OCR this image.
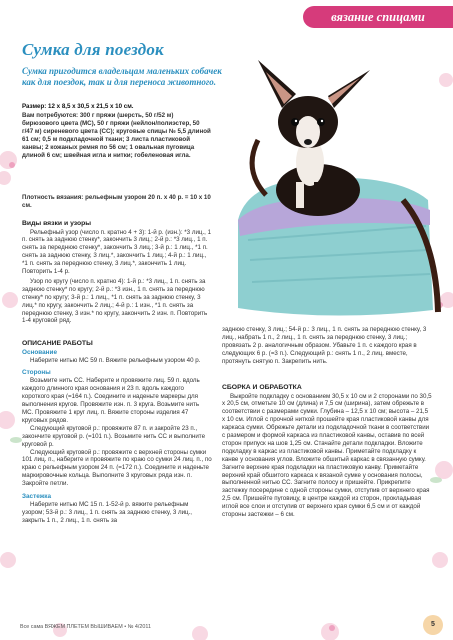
вязание спицами
Сумка для поездок
Сумка пригодится владельцам маленьких собачек как для поездок, так и для переноса животного.

Размер: 12 x 8,5 x 30,5 x 21,5 x 10 см.

Вам потребуются: 300 г пряжи (шерсть, 50 г/52 м) бирюзового цвета (МС), 50 г пряжи (нейлон/полиэстер, 50 г/47 м) сиреневого цвета (СС); круговые спицы № 5,5 длиной 61 см; 0,5 м подкладочной ткани; 3 листа пластиковой канвы; 2 кожаных ремня по 56 см; 1 овальная пуговица длиной 6 см; швейная игла и нитки; гобеленовая игла.

Плотность вязания: рельефным узором 20 п. х 40 р. = 10 х 10 см.

Виды вязки и узоры

Рельефный узор (число п. кратно 4 + 3): 1-й р. (изн.): *3 лиц., 1 п. снять за заднюю стенку*, закончить 3 лиц.; 2-й р.: *3 лиц., 1 п. снять за переднюю стенку*, закончить 3 лиц.; 3-й р.: 1 лиц., *1 п. снять за заднюю стенку, 3 лиц.*, закончить 1 лиц.; 4-й р.: 1 лиц., *1 п. снять за переднюю стенку, 3 лиц.*, закончить 1 лиц. Повторить 1-4 р.

Узор по кругу (число п. кратно 4): 1-й р.: *3 лиц., 1 п. снять за заднюю стенку* по кругу; 2-й р.: *3 изн., 1 п. снять за переднюю стенку* по кругу; 3-й р.: 1 лиц., *1 п. снять за заднюю стенку, 3 лиц.* по кругу, закончить 2 лиц.; 4-й р.: 1 изн., *1 п. снять за переднюю стенку, 3 изн.* по кругу, закончить 2 изн. п. Повторить 1-4 круговой ряд.

ОПИСАНИЕ РАБОТЫ

Основание

Наберите нитью МС 59 п. Вяжите рельефным узором 40 р.

Стороны

Возьмите нить СС. Наберите и провяжите лиц. 59 п. вдоль каждого длинного края основания и 23 п. вдоль каждого короткого края (=164 п.). Соедините и наденьте маркеры для выполнения кругов. Провяжите изн. п. 3 круга. Возьмите нить МС. Провяжите 1 круг лиц. п. Вяжите стороны изделия 47 круговых рядов.

Следующий круговой р.: провяжите 87 п. и закройте 23 п., закончите круговой р. (=101 п.). Возьмите нить СС и выполните круговой р.

Следующий круговой р.: провяжите с верхней стороны сумки 101 лиц. п., наберите и провяжите по краю со сумки 24 лиц. п., по краю с рельефным узором 24 п. (=172 п.). Соедините и наденьте маркировочные кольца. Выполните 3 круговых ряда изн. п. Закройте петли.

Застежка

Наберите нитью МС 15 п. 1-52-й р. вяжите рельефным узором; 53-й р.: 3 лиц., 1 п. снять за заднюю стенку, 3 лиц., закрыть 1 п., 2 лиц., 1 п. снять за

заднюю стенку, 3 лиц.; 54-й р.: 3 лиц., 1 п. снять за переднюю стенку, 3 лиц., набрать 1 п., 2 лиц., 1 п. снять за переднюю стенку, 3 лиц.; провязать 2 р. аналогичным образом. Убавьте 1 п. с каждого края в следующих 6 р. (=3 п.). Следующий р.: снять 1 п., 2 лиц. вместе, протянуть снятую п. Закрепить нить.

СБОРКА И ОБРАБОТКА

Выкройте подкладку с основанием 30,5 х 10 см и 2 сторонами по 30,5 х 20,5 см, отметьте 10 см (длина) и 7,5 см (ширина), затем обрежьте в соответствии с размерами сумки. Глубина – 12,5 х 10 см; высота – 21,5 х 10 см. Иглой с прочной ниткой прошейте края пластиковой канвы для каркаса сумки. Обрежьте детали из подкладочной ткани в соответствии с размером и формой каркаса из пластиковой канвы, оставив по всей сторон припуск на шов 1,25 см. Стачайте детали подкладки. Вложите подкладку в каркас из пластиковой канвы. Приметайте подкладку к канве у основания углов. Вложите обшитый каркас в связанную сумку. Загните верхние края подкладки на пластиковую канву. Приметайте верхний край обшитого каркаса к вязаной сумке у основания полосы, выполненной нитью СС. Загните полосу и пришейте. Прикрепите застежку посередине с одной стороны сумки, отступив от верхнего края 2,5 см. Пришейте пуговицу, в центре каждой из сторон, прокладывая иглой все слои и отступив от верхнего края сумки 6,5 см и от каждой стороны застежки – 6 см.

Все сама ВЯЖЕМ ПЛЕТЕМ ВЫШИВАЕМ • № 4/2011	5
